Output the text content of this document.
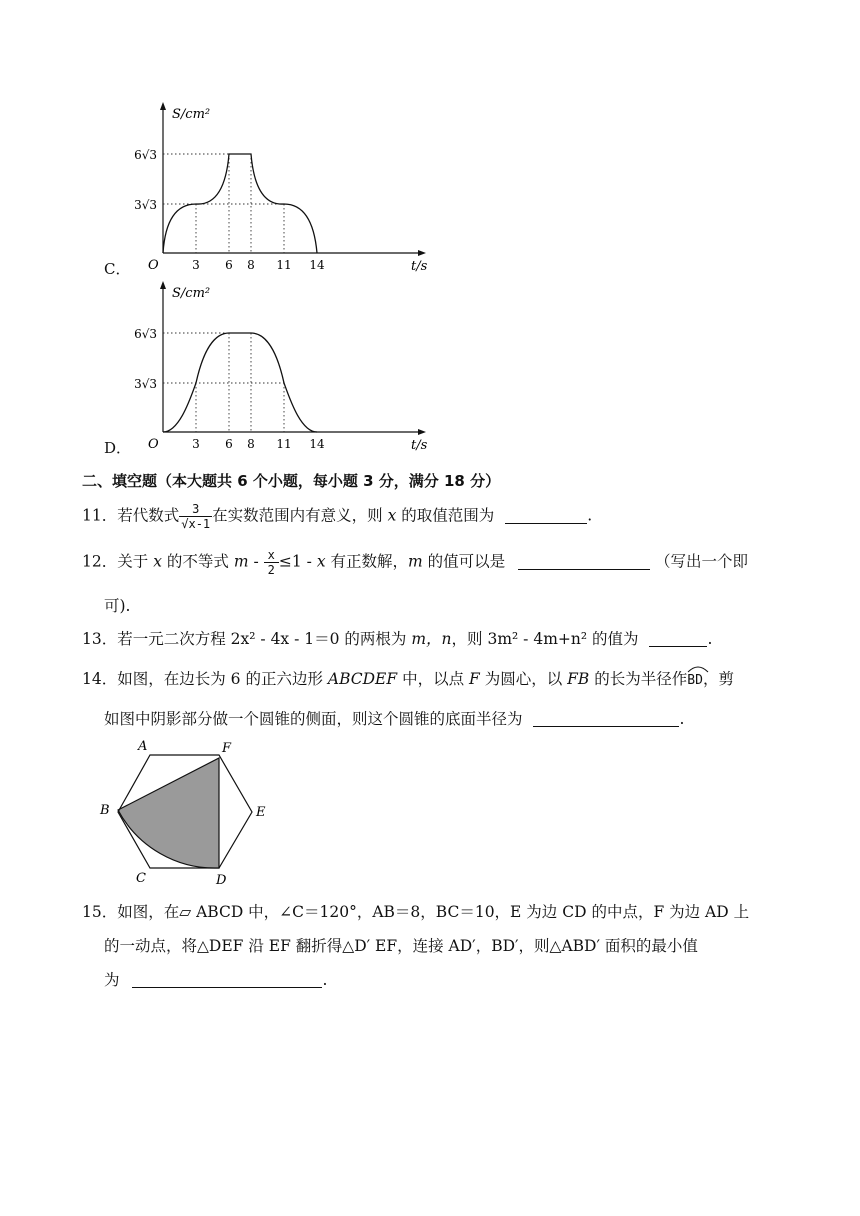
C．
S/cm²
6√3
3√3
O	3 6 8 11 14	t/s
D．
S/cm²
6√3
3√3
O	3 6 8 11 14	t/s
二、填空题（本大题共 6 个小题，每小题 3 分，满分 18 分）
11．若代数式 $\frac{3}{√x-1}$ 在实数范围内有意义，则 x 的取值范围为	.
12．关于 x 的不等式 $m - \frac{x}{2} \le 1 - x$ 有正数解，m 的值可以是	（写出一个即
可).
13．若一元二次方程 2x² - 4x - 1＝0 的两根为 m，n，则 3m² - 4m+n² 的值为	.
14．如图，在边长为 6 的正六边形 ABCDEF 中，以点 F 为圆心，以 FB 的长为半径作
BD，剪
如图中阴影部分做一个圆锥的侧面，则这个圆锥的底面半径为	.
A	F
B	E
C	D
15．如图，在▱ ABCD 中，∠C＝120°，AB＝8，BC＝10，E 为边 CD 的中点，F 为边 AD 上
的一动点，将△DEF 沿 EF 翻折得△D′ EF，连接 AD′，BD′，则△ABD′ 面积的最小值
为	.
